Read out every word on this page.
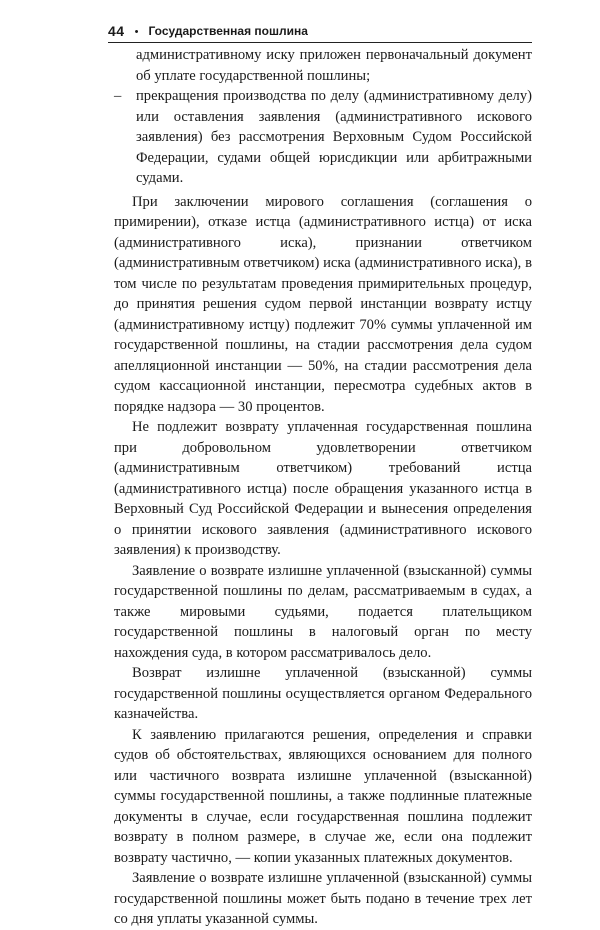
44 • Государственная пошлина

административному иску приложен первоначальный документ об уплате государственной пошлины;

–	прекращения производства по делу (административному делу) или оставления заявления (административного искового заявления) без рассмотрения Верховным Судом Российской Федерации, судами общей юрисдикции или арбитражными судами.

При заключении мирового соглашения (соглашения о примирении), отказе истца (административного истца) от иска (административного иска), признании ответчиком (административным ответчиком) иска (административного иска), в том числе по результатам проведения примирительных процедур, до принятия решения судом первой инстанции возврату истцу (административному истцу) подлежит 70% суммы уплаченной им государственной пошлины, на стадии рассмотрения дела судом апелляционной инстанции — 50%, на стадии рассмотрения дела судом кассационной инстанции, пересмотра судебных актов в порядке надзора — 30 процентов.

Не подлежит возврату уплаченная государственная пошлина при добровольном удовлетворении ответчиком (административным ответчиком) требований истца (административного истца) после обращения указанного истца в Верховный Суд Российской Федерации и вынесения определения о принятии искового заявления (административного искового заявления) к производству.

Заявление о возврате излишне уплаченной (взысканной) суммы государственной пошлины по делам, рассматриваемым в судах, а также мировыми судьями, подается плательщиком государственной пошлины в налоговый орган по месту нахождения суда, в котором рассматривалось дело.

Возврат излишне уплаченной (взысканной) суммы государственной пошлины осуществляется органом Федерального казначейства.

К заявлению прилагаются решения, определения и справки судов об обстоятельствах, являющихся основанием для полного или частичного возврата излишне уплаченной (взысканной) суммы государственной пошлины, а также подлинные платежные документы в случае, если государственная пошлина подлежит возврату в полном размере, в случае же, если она подлежит возврату частично, — копии указанных платежных документов.

Заявление о возврате излишне уплаченной (взысканной) суммы государственной пошлины может быть подано в течение трех лет со дня уплаты указанной суммы.
